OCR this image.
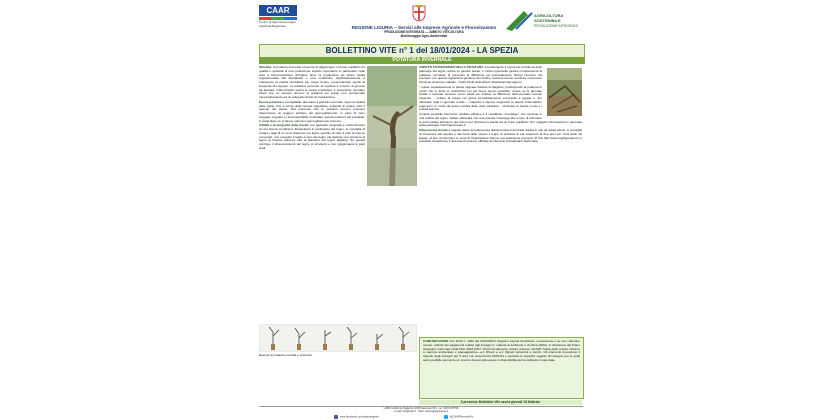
CAAR
Centro di Agrometeorologia Applicata Regionale
AGRICOLTURA
SOSTENIBILE
PRODUZIONE INTEGRATA
REGIONE LIGURIA – Servizi alle Imprese Agricole e Florovivaismo
PRODUZIONE INTEGRATA — AMBITO VITICOLTURA
Monitoraggio Agro-Ambientale
BOLLETTINO VITE n° 1 del 18/01/2024 - LA SPEZIA
POTATURA INVERNALE

Obiettivi. la potatura invernale consente di raggiungere un buon equilibrio tra qualità e quantità di una produzione aspetto importante in particolare nelle aree a Denominazione d'Origine dove la produzione ad ettaro risulta regolamentata dai disciplinari e può contribuire significativamente a mantenere la pianta produttiva per lungo tempo, preservandolo quindi la longevità del vigneto. La potatura permette di regolare il numero di gemme da lasciare, influenzando quindi la carica produttiva; è importante ricordare infatti che un elevato numero di grappoli sul ceppo non corrisponde necessariamente ad un adeguato livello di maturazione.

Epoca potatura è consigliabile attendere il periodo invernale, dopo la caduta delle foglie, fino a prima della ripresa vegetativa, evitando di potare oltre il periodo del pianto. Dal momento che le potature precoci possono determinare un leggero anticipo del germogliamento, in caso di zone soggette a gelate è raccomandabile rimandare questa pratica il più possibile, in particolare se si hanno varietà a germogliamento precoce.

Vitalità e la longevità delle piante: per garantire longevità e mantenimento di una buona condizione fitosanitaria in particolare del legno, si consiglia di evitare i tagli di un certo diametro (su legno vecchio di oltre 3 anni di età) se necessari; non eseguire il taglio a raso del legno ma lasciare una porzione di legno di rispetto (almeno pari al diametro del legno tagliato). Su questa porzione il disseccamento del legno si arresterà e non raggiungerà le parti vitali.

ASPETTI FITOSANITARI DELLA POTATURA Considerando il crescente problema delle patologie del legno, anche su giovani piante, è molto importante gestire correttamente la potatura, cercando di prevenire la diffusione ed eventualmente ridurre l'inoculo. Ad esempio, per quanto riguarda la gestione dei residui, questi possono costituire una fuonte d'inoculo di alcune malattie, i tralci infetti andrebbero allontanati dal vigneto.

- potare separatamente le piante segnate durante la stagione, posticipando la potatura in modo che le ferite si cicatrizzino nel più breve tempo possibile, anche se le giornate fredde e asciutte rendono meno ideali per limitare la diffusione dell'eventuale inoculo presente; - evitare di potare nei giorni immediatamente successivi a piogge e non effettuare tagli in giornate umide; - mappare il vigneto segnando le piante sintomatiche negli anni, in modo da avere un'idea dello stato sanitario; - eliminare le piante morte e i residui legnosi.

Un'altra possibile intervento risultato efficace è il cosiddetto "curettage", che consiste in una pulizia del legno malato effettuata con una piccola motosega allo scopo di eliminare le parti cariate all'interno del tronco per riportare la pianta ad un buon equilibrio. Per maggiori informazioni in generale sulla patologia: http://agrometeo.it

Flavescenza dorata a seguito della recrudescenza dell'avversità riscontrata dorata in tutti gli areali viticoli, si consiglia di rimuovere dal vigneto e dai bordi dello stesso il legno di potatura di età superiore ai due anni ed i fusti delle viti legate, al fine di eliminare le uova di Scaphoideus titanus eventualmente presenti. Al link http://www.agriligurianet.it è possibile visualizzare il documento tecnico ufficiale del Servizio Fitosanitario Nazionale.

Esempi di potatura corretta e scorretta
COMUNICAZIONI Con DGR n. 1262 del 22/12/2023, Regione Liguria ha attivato, nuovamente e se non mancano risorse: anticipi dei pagamenti relativi agli impegni in materia di ambiente e di clima (SRA), in situazione del Piano strategico nazionale della PAC 2023-2027: ACA3 fondamento colture arboree; ACA25 Tutela delle colture arboree a valenza ambientale e paesaggistica—a.1 Oliveti e a.2 Vigneti terrazzati e storici. Gli interventi prevedono il rispetto degli impegni per 5 anni con decorrenza 01/01/24 e pertanto le superfici oggetto di impegno per le quali sarà possibile percepire un premio devono già essere in disponibilità del beneficiario in tale data.
Il prossimo Bollettino Vite uscirà giovedì 15 febbraio
LABO CAAR via Tagliolini 10/38 Sarzana (SP) - tel. 0187.678798
e-mail: info@caar.it - Web: www.agriligurianet.it
www.facebook.com/regioneliguria	@CAARServizioFito
